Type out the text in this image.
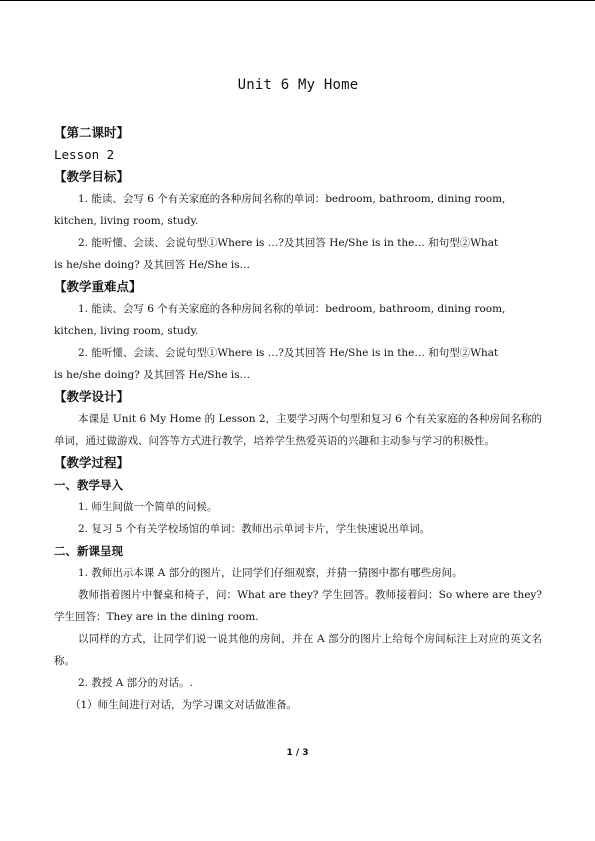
Unit 6 My Home
【第二课时】
Lesson 2
【教学目标】
1. 能读、会写 6 个有关家庭的各种房间名称的单词：bedroom, bathroom, dining room,
kitchen, living room, study.
2. 能听懂、会读、会说句型①Where is …?及其回答 He/She is in the… 和句型②What
is he/she doing? 及其回答 He/She is…
【教学重难点】
1. 能读、会写 6 个有关家庭的各种房间名称的单词：bedroom, bathroom, dining room,
kitchen, living room, study.
2. 能听懂、会读、会说句型①Where is …?及其回答 He/She is in the… 和句型②What
is he/she doing? 及其回答 He/She is…
【教学设计】
本课是 Unit 6 My Home 的 Lesson 2，主要学习两个句型和复习 6 个有关家庭的各种房间名称的单词，通过做游戏、问答等方式进行教学，培养学生热爱英语的兴趣和主动参与学习的积极性。
【教学过程】
一、教学导入
1. 师生间做一个简单的问候。
2. 复习 5 个有关学校场馆的单词：教师出示单词卡片，学生快速说出单词。
二、新课呈现
1. 教师出示本课 A 部分的图片，让同学们仔细观察，并猜一猜图中都有哪些房间。
教师指着图片中餐桌和椅子，问：What are they? 学生回答。教师接着问：So where are they? 学生回答：They are in the dining room.
以同样的方式，让同学们说一说其他的房间，并在 A 部分的图片上给每个房间标注上对应的英文名称。
2. 教授 A 部分的对话。.
（1）师生间进行对话，为学习课文对话做准备。
1 / 3
